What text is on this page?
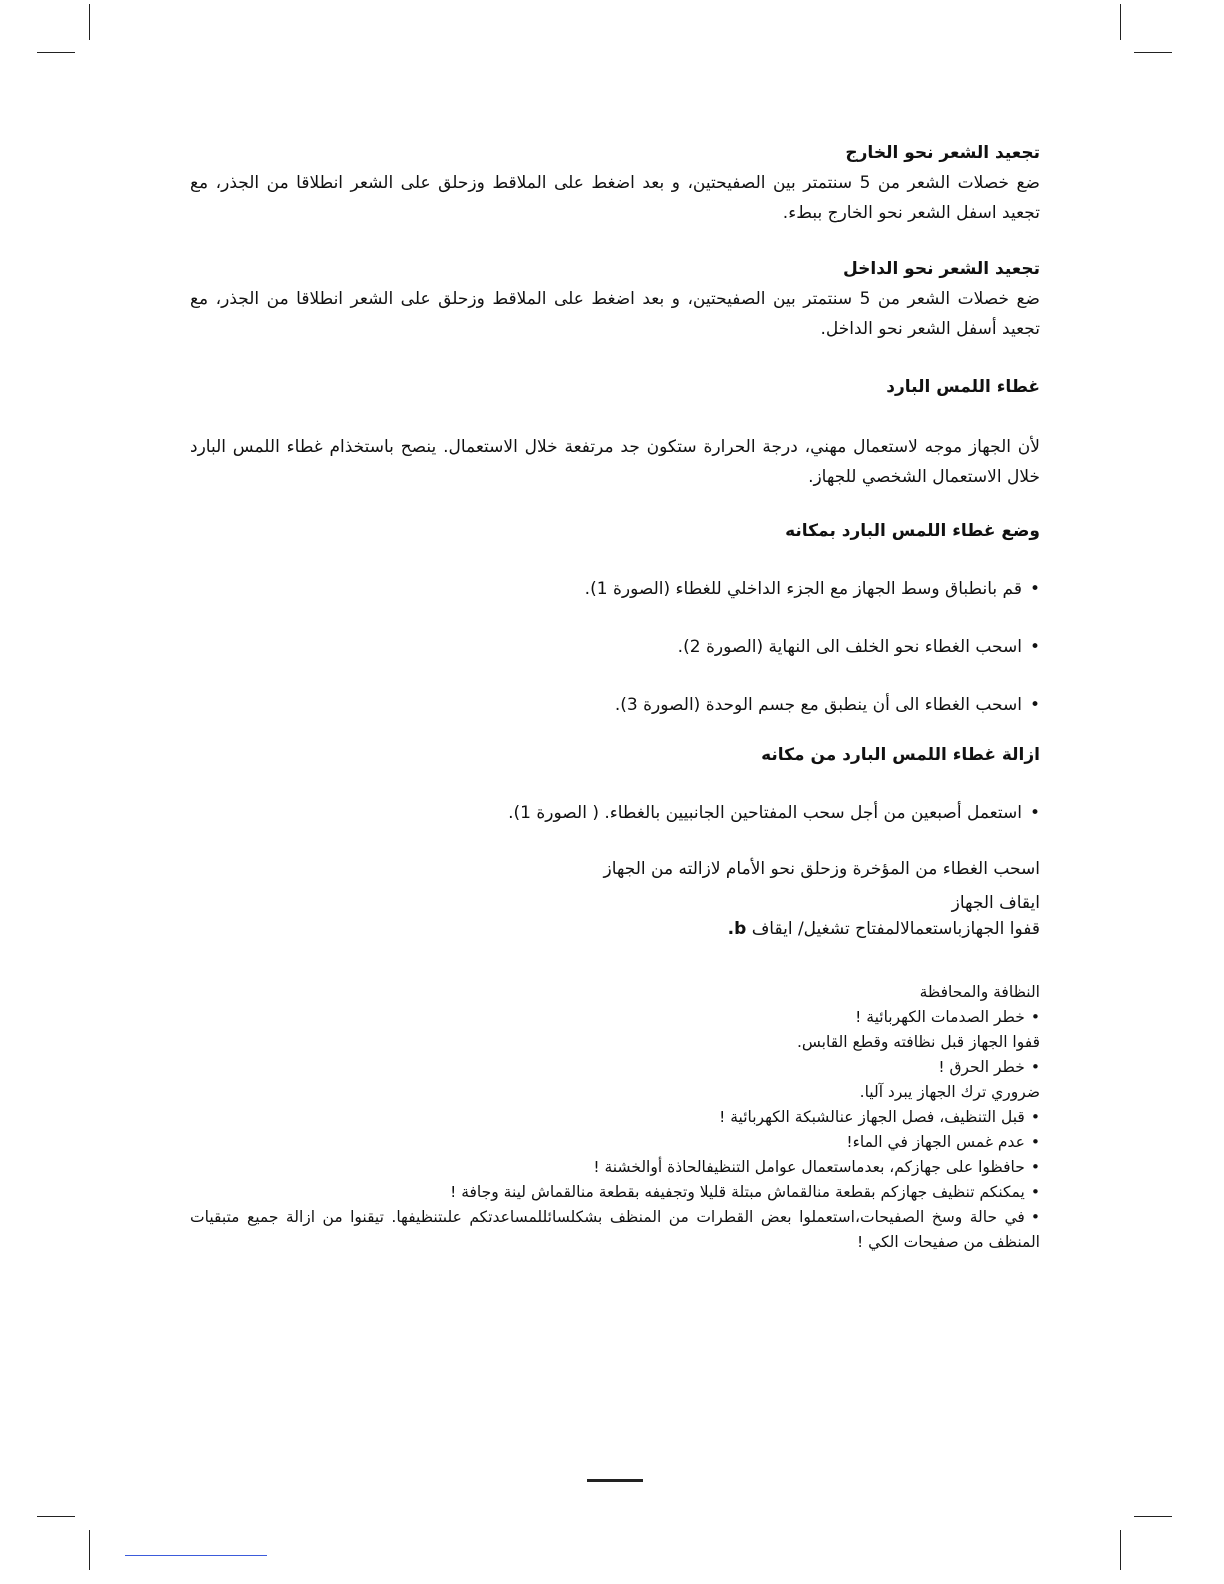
تجعيد الشعر نحو الخارج
ضع خصلات الشعر من 5 سنتمتر بين الصفيحتين، و بعد اضغط على الملاقط وزحلق على الشعر انطلاقا من الجذر، مع تجعيد اسفل الشعر نحو الخارج ببطء.
تجعيد الشعر نحو الداخل
ضع خصلات الشعر من 5 سنتمتر بين الصفيحتين، و بعد اضغط على الملاقط وزحلق على الشعر انطلاقا من الجذر، مع تجعيد أسفل الشعر نحو الداخل.
غطاء اللمس البارد
لأن الجهاز موجه لاستعمال مهني، درجة الحرارة ستكون جد مرتفعة خلال الاستعمال. ينصح باستخذام غطاء اللمس البارد خلال الاستعمال الشخصي للجهاز.
وضع غطاء اللمس البارد بمكانه
•قم بانطباق وسط الجهاز مع الجزء الداخلي للغطاء (الصورة 1).
•اسحب الغطاء نحو الخلف الى النهاية (الصورة 2).
•اسحب الغطاء الى أن ينطبق مع جسم الوحدة (الصورة 3).
ازالة غطاء اللمس البارد من مكانه
•استعمل أصبعين من أجل سحب المفتاحين الجانبيين بالغطاء. ( الصورة 1).
اسحب الغطاء من المؤخرة وزحلق نحو الأمام لازالته من الجهاز
ايقاف الجهاز
قفوا الجهازباستعمالالمفتاح تشغيل/ ايقاف b.
النظافة والمحافظة
•خطر الصدمات الكهربائية !
قفوا الجهاز قبل نظافته وقطع القابس.
•خطر الحرق !
ضروري ترك الجهاز يبرد آليا.
•قبل التنظيف، فصل الجهاز عنالشبكة الكهربائية !
•عدم غمس الجهاز في الماء!
•حافظوا على جهازكم، بعدماستعمال عوامل التنظيفالحاذة أوالخشنة !
•يمكنكم تنظيف جهازكم بقطعة منالقماش مبتلة قليلا وتجفيفه بقطعة منالقماش لينة وجافة !
•في حالة وسخ الصفيحات،استعملوا بعض القطرات من المنظف بشكلسائللمساعدتكم علىتنظيفها. تيقنوا من ازالة جميع متبقيات المنظف من صفيحات الكي !
